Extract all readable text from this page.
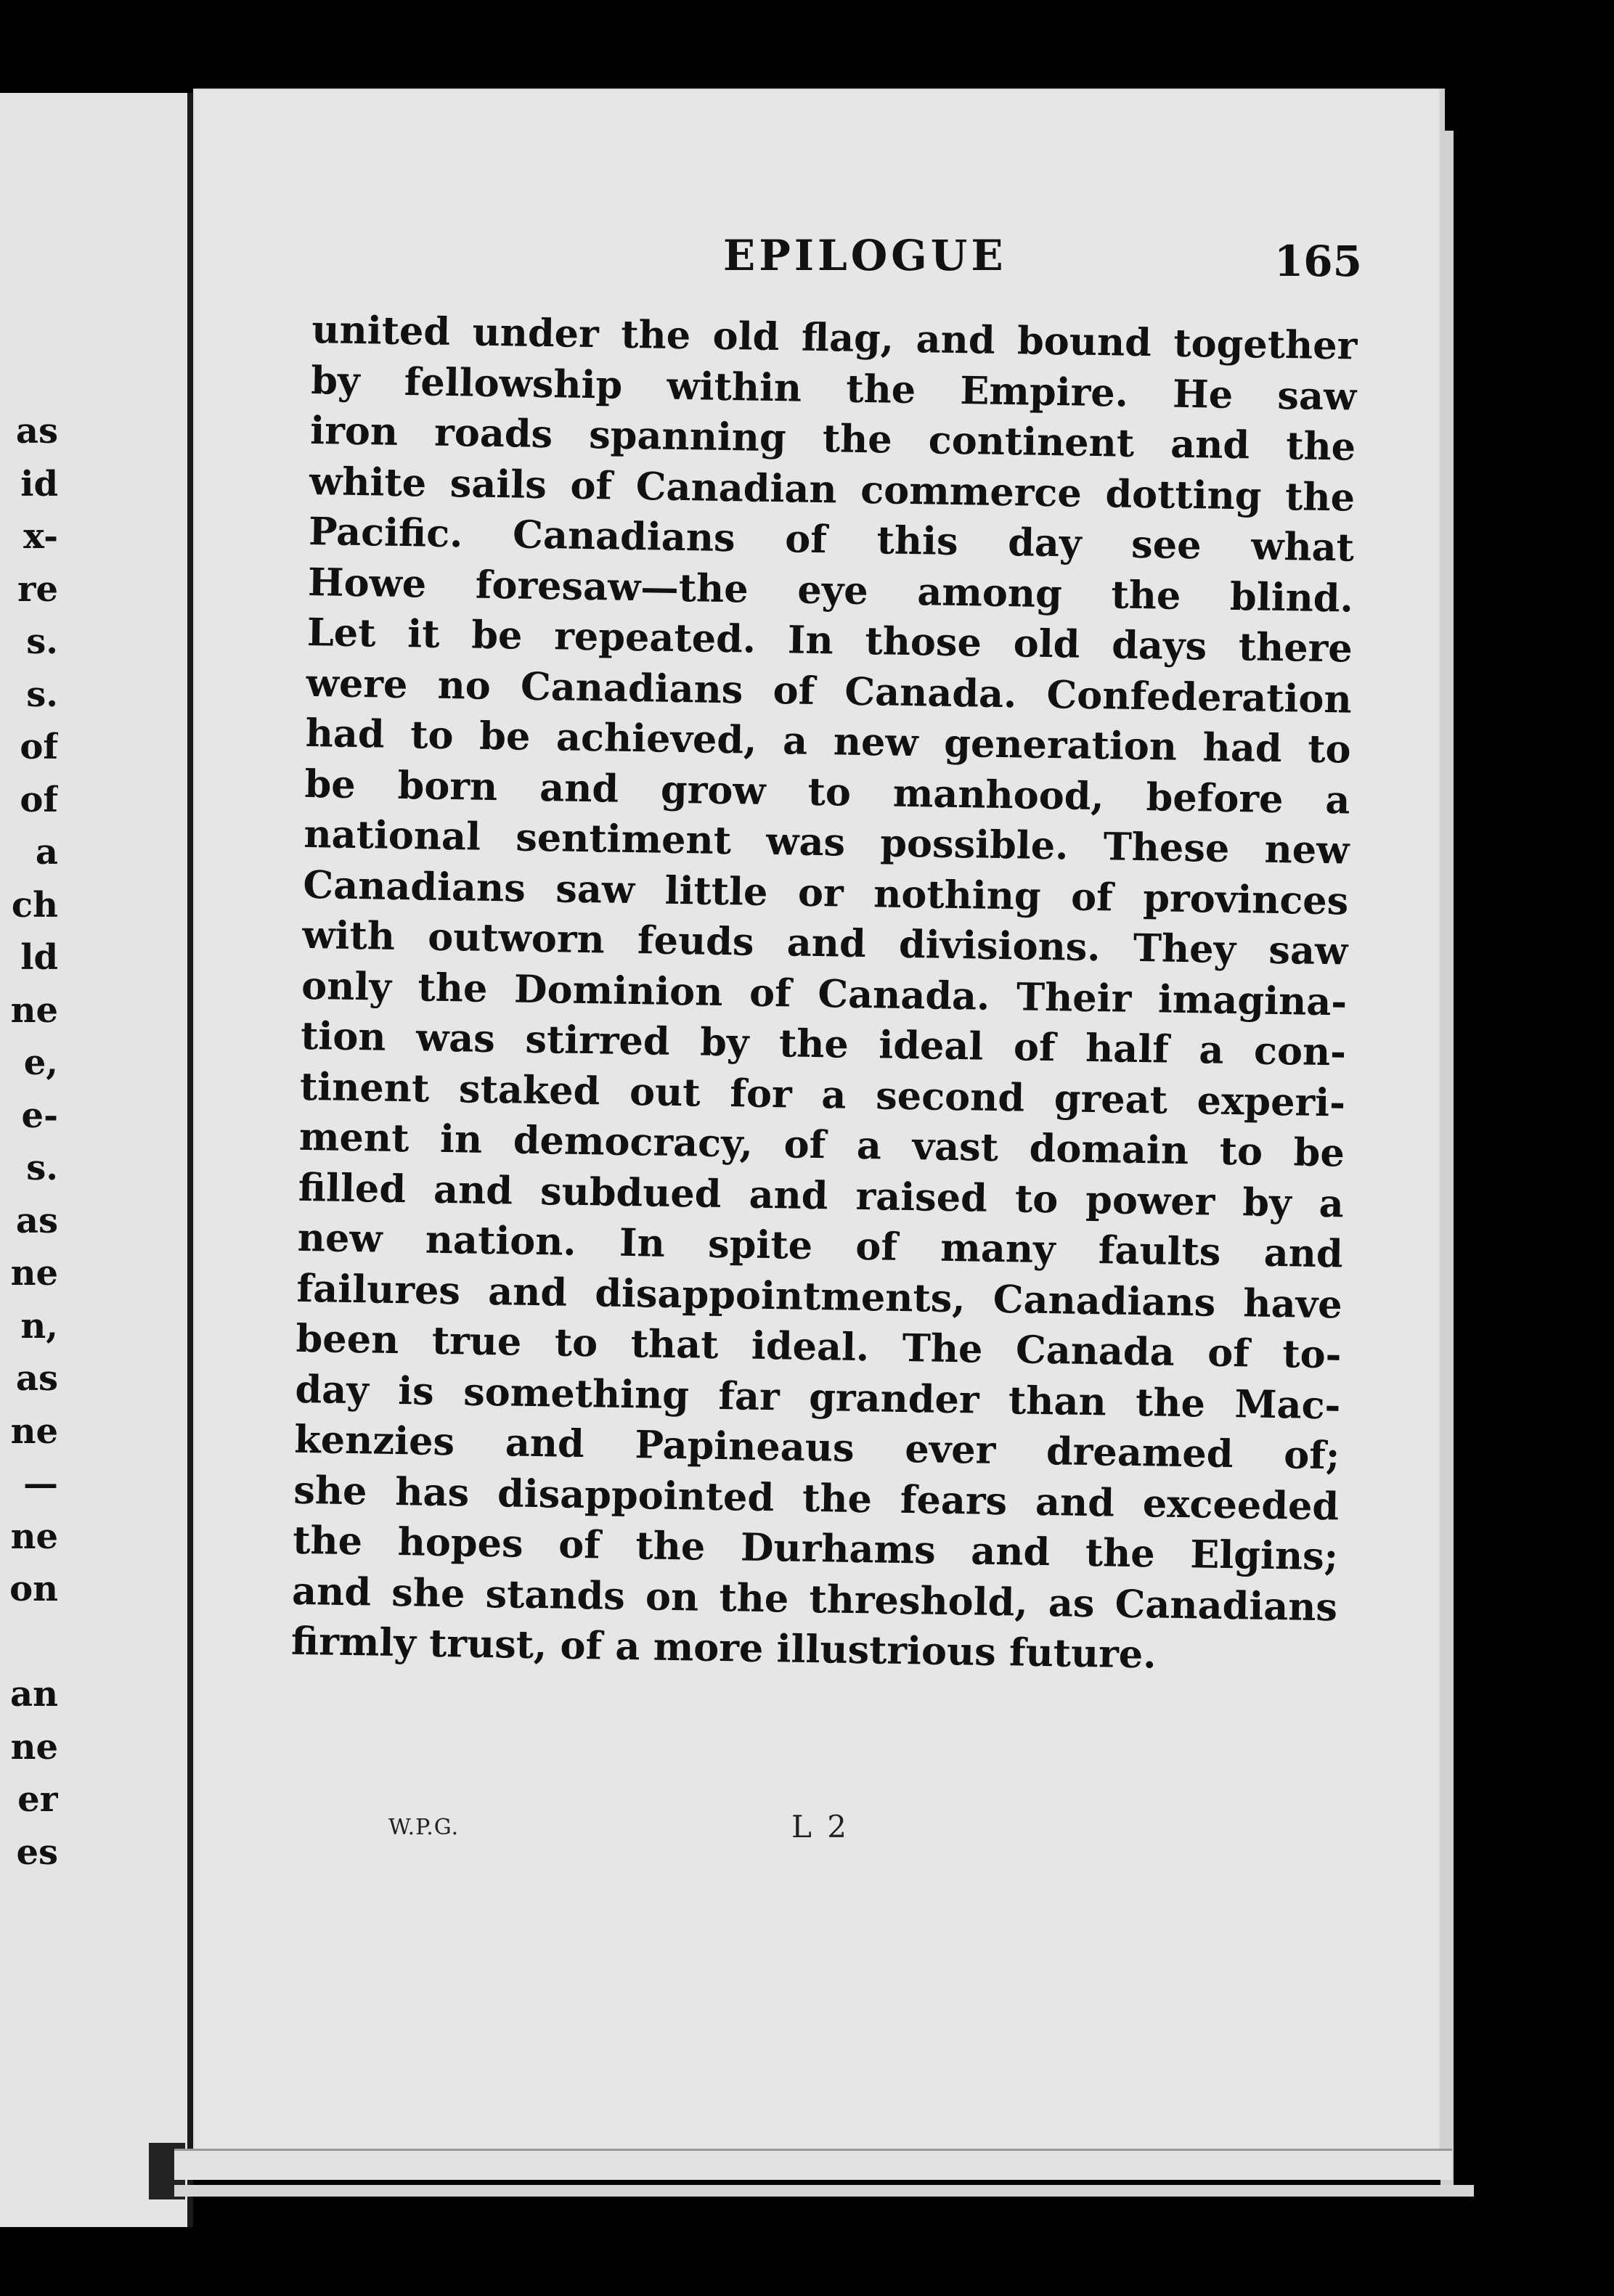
as
id
x-
re
s.
s.
of
of
a
ch
ld
ne
e,
e-
s.
as
ne
n,
as
ne
—
ne
on
an
ne
er
es
EPILOGUE	165
united under the old flag, and bound together
by fellowship within the Empire. He saw
iron roads spanning the continent and the
white sails of Canadian commerce dotting the
Pacific. Canadians of this day see what
Howe foresaw—the eye among the blind.
Let it be repeated. In those old days there
were no Canadians of Canada. Confederation
had to be achieved, a new generation had to
be born and grow to manhood, before a
national sentiment was possible. These new
Canadians saw little or nothing of provinces
with outworn feuds and divisions. They saw
only the Dominion of Canada. Their imagina-
tion was stirred by the ideal of half a con-
tinent staked out for a second great experi-
ment in democracy, of a vast domain to be
filled and subdued and raised to power by a
new nation. In spite of many faults and
failures and disappointments, Canadians have
been true to that ideal. The Canada of to-
day is something far grander than the Mac-
kenzies and Papineaus ever dreamed of;
she has disappointed the fears and exceeded
the hopes of the Durhams and the Elgins;
and she stands on the threshold, as Canadians
firmly trust, of a more illustrious future.
W.P.G.	L 2
